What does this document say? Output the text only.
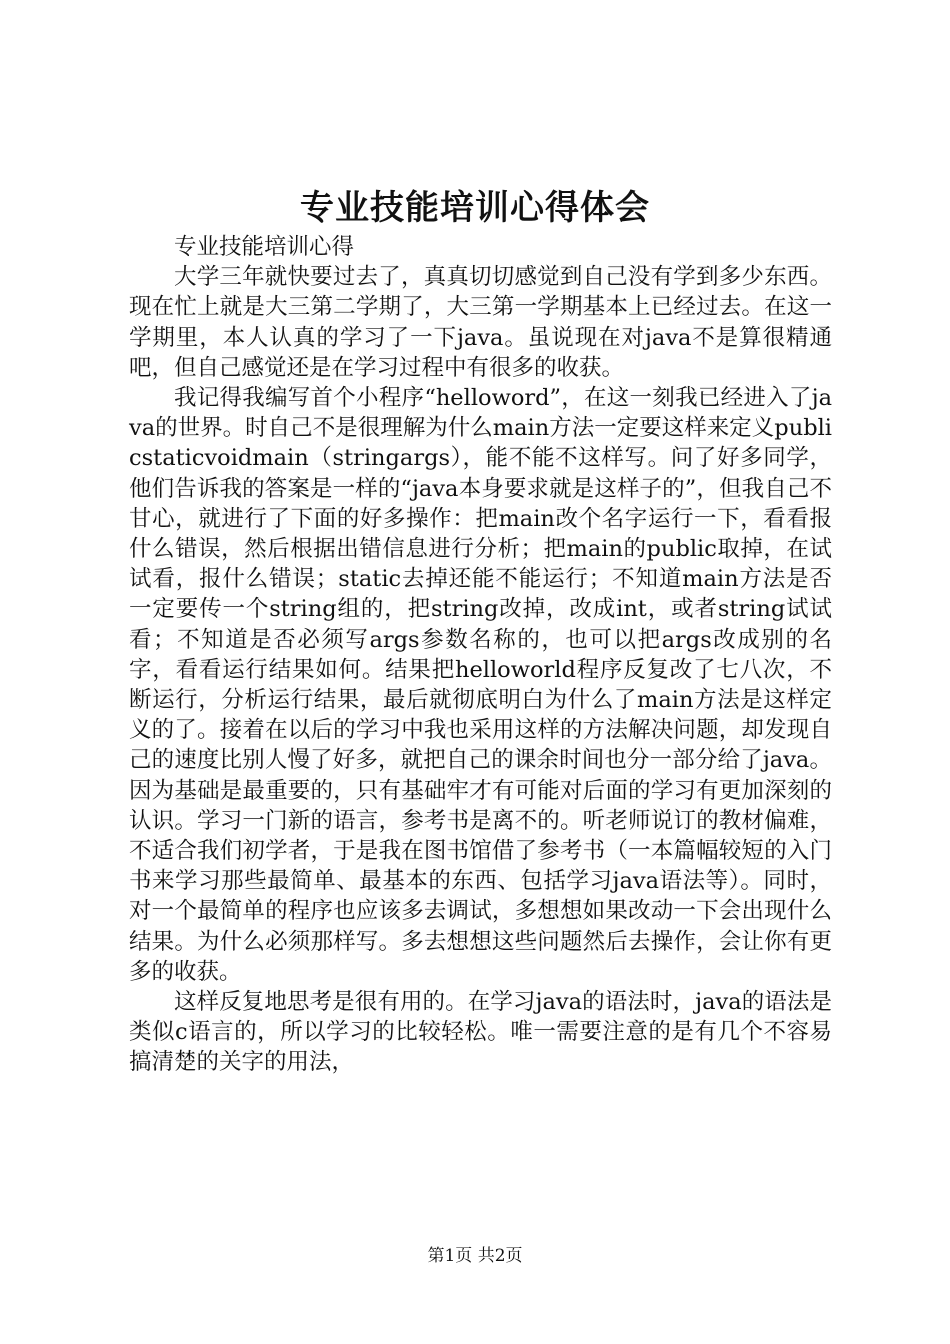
专业技能培训心得体会

专业技能培训心得

大学三年就快要过去了，真真切切感觉到自己没有学到多少东西。现在忙上就是大三第二学期了，大三第一学期基本上已经过去。在这一学期里，本人认真的学习了一下java。虽说现在对java不是算很精通吧，但自己感觉还是在学习过程中有很多的收获。

我记得我编写首个小程序“helloword”，在这一刻我已经进入了java的世界。时自己不是很理解为什么main方法一定要这样来定义publicstaticvoidmain（stringargs），能不能不这样写。问了好多同学，他们告诉我的答案是一样的“java本身要求就是这样子的”，但我自己不甘心，就进行了下面的好多操作：把main改个名字运行一下，看看报什么错误，然后根据出错信息进行分析；把main的public取掉，在试试看，报什么错误；static去掉还能不能运行；不知道main方法是否一定要传一个string组的，把string改掉，改成int，或者string试试看；不知道是否必须写args参数名称的，也可以把args改成别的名字，看看运行结果如何。结果把helloworld程序反复改了七八次，不断运行，分析运行结果，最后就彻底明白为什么了main方法是这样定义的了。接着在以后的学习中我也采用这样的方法解决问题，却发现自己的速度比别人慢了好多，就把自己的课余时间也分一部分给了java。因为基础是最重要的，只有基础牢才有可能对后面的学习有更加深刻的认识。学习一门新的语言，参考书是离不的。听老师说订的教材偏难，不适合我们初学者，于是我在图书馆借了参考书（一本篇幅较短的入门书来学习那些最简单、最基本的东西、包括学习java语法等）。同时，对一个最简单的程序也应该多去调试，多想想如果改动一下会出现什么结果。为什么必须那样写。多去想想这些问题然后去操作，会让你有更多的收获。

这样反复地思考是很有用的。在学习java的语法时，java的语法是类似c语言的，所以学习的比较轻松。唯一需要注意的是有几个不容易搞清楚的关字的用法，

第1页 共2页
